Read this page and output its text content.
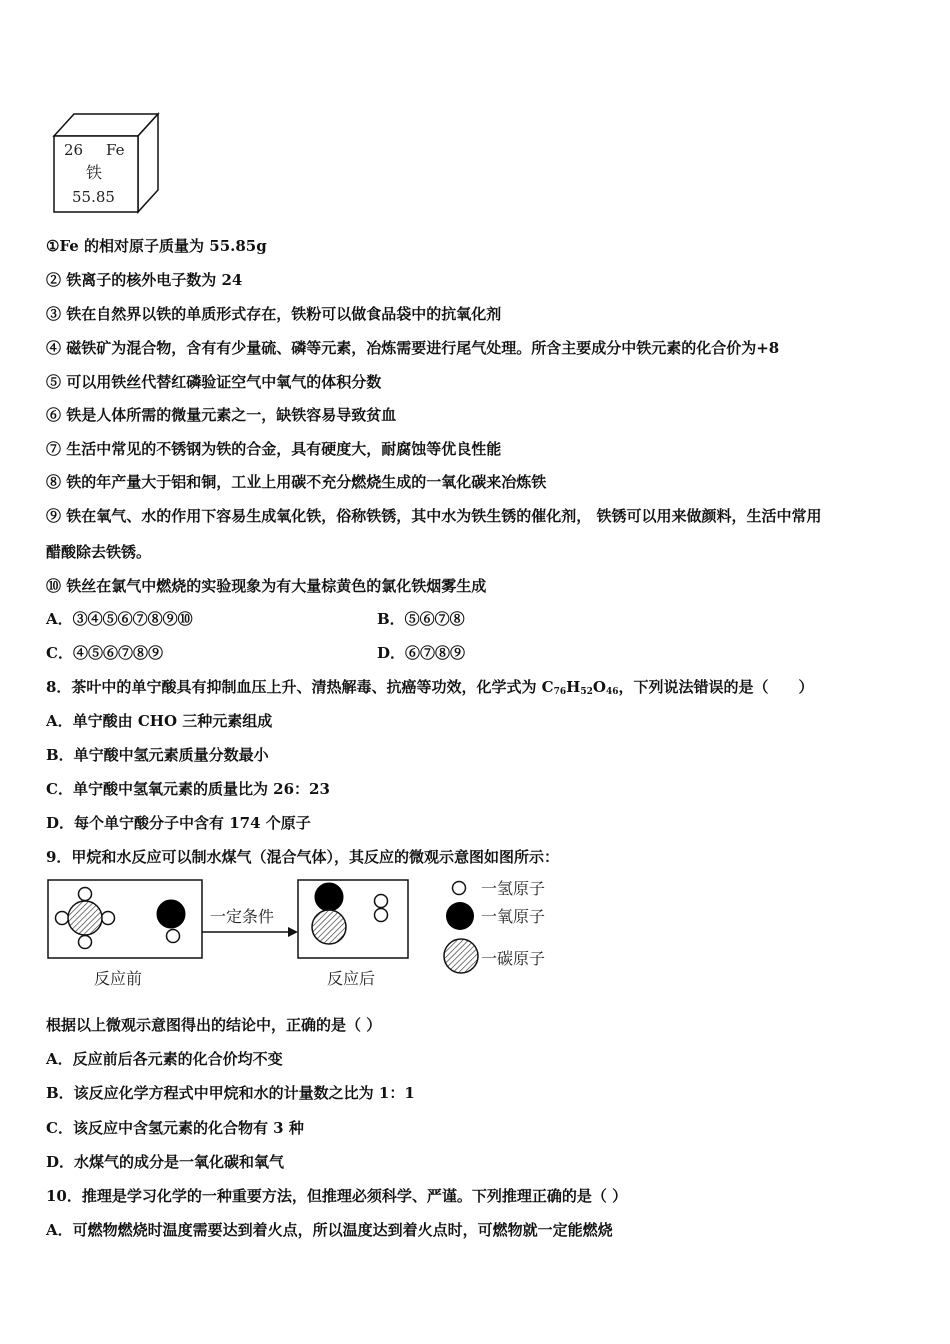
26 Fe
铁
55.85
①Fe 的相对原子质量为 55.85g
② 铁离子的核外电子数为 24
③ 铁在自然界以铁的单质形式存在，铁粉可以做食品袋中的抗氧化剂
④ 磁铁矿为混合物，含有有少量硫、磷等元素，冶炼需要进行尾气处理。所含主要成分中铁元素的化合价为+8
⑤ 可以用铁丝代替红磷验证空气中氧气的体积分数
⑥ 铁是人体所需的微量元素之一，缺铁容易导致贫血
⑦ 生活中常见的不锈钢为铁的合金，具有硬度大，耐腐蚀等优良性能
⑧ 铁的年产量大于铝和铜，工业上用碳不充分燃烧生成的一氧化碳来冶炼铁
⑨ 铁在氧气、水的作用下容易生成氧化铁，俗称铁锈，其中水为铁生锈的催化剂， 铁锈可以用来做颜料，生活中常用
醋酸除去铁锈。
⑩ 铁丝在氯气中燃烧的实验现象为有大量棕黄色的氯化铁烟雾生成
A．③④⑤⑥⑦⑧⑨⑩	B．⑤⑥⑦⑧
C．④⑤⑥⑦⑧⑨	D．⑥⑦⑧⑨
8．茶叶中的单宁酸具有抑制血压上升、清热解毒、抗癌等功效，化学式为 $C_{76}H_{52}O_{46}$，下列说法错误的是（　　）
A．单宁酸由 CHO 三种元素组成
B．单宁酸中氢元素质量分数最小
C．单宁酸中氢氧元素的质量比为 26：23
D．每个单宁酸分子中含有 174 个原子
9．甲烷和水反应可以制水煤气（混合气体），其反应的微观示意图如图所示：
一定条件
反应前	反应后
一氢原子
一氧原子
一碳原子
根据以上微观示意图得出的结论中，正确的是（ ）
A．反应前后各元素的化合价均不变
B．该反应化学方程式中甲烷和水的计量数之比为 1：1
C．该反应中含氢元素的化合物有 3 种
D．水煤气的成分是一氧化碳和氧气
10．推理是学习化学的一种重要方法，但推理必须科学、严谨。下列推理正确的是（ ）
A．可燃物燃烧时温度需要达到着火点，所以温度达到着火点时，可燃物就一定能燃烧
